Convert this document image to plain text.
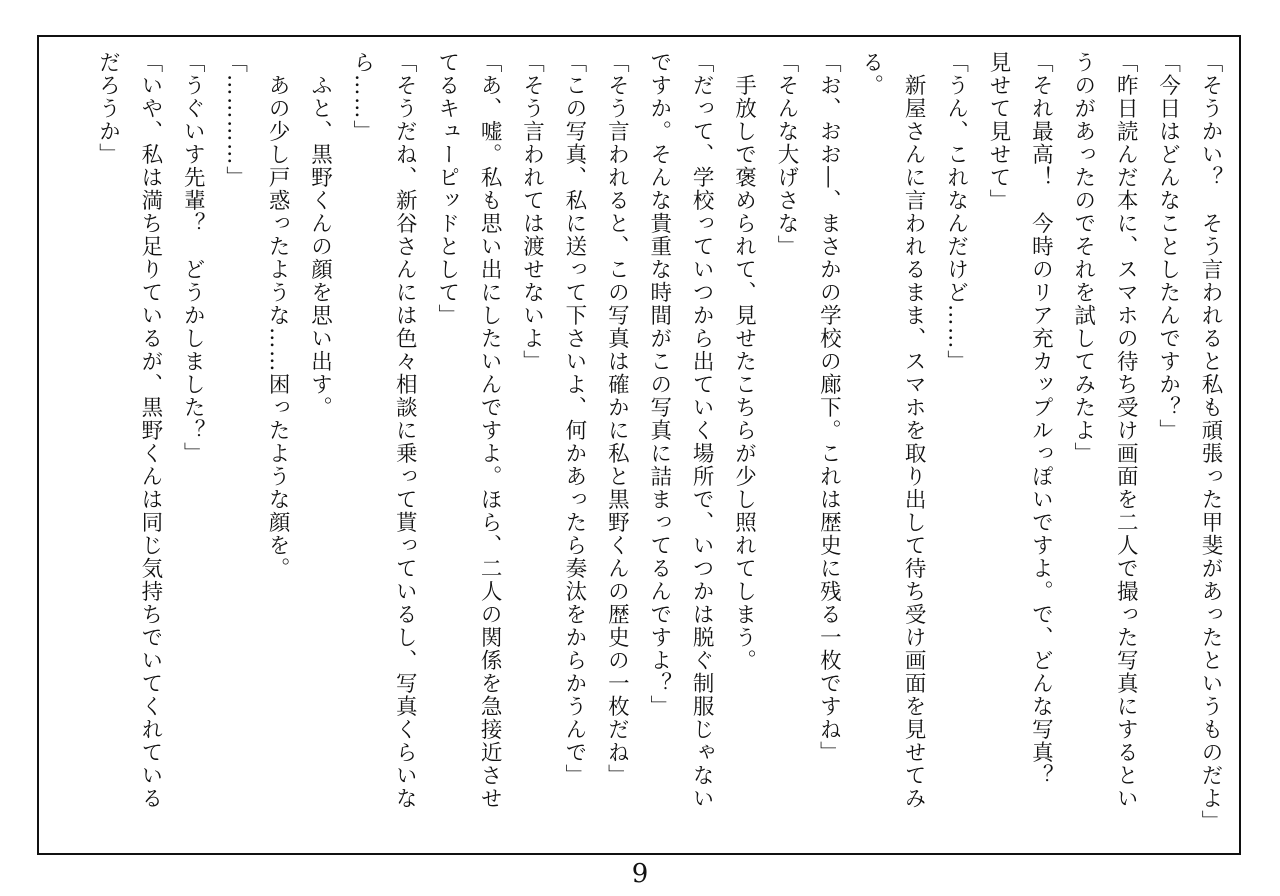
「そうかい？　そう言われると私も頑張った甲斐があったというものだよ」
「今日はどんなことしたんですか？」
「昨日読んだ本に、スマホの待ち受け画面を二人で撮った写真にするとい
うのがあったのでそれを試してみたよ」
「それ最高！　今時のリア充カップルっぽいですよ。で、どんな写真？
見せて見せて」
「うん、これなんだけど……」
　新屋さんに言われるまま、スマホを取り出して待ち受け画面を見せてみ
る。
「お、おお―、まさかの学校の廊下。これは歴史に残る一枚ですね」
「そんな大げさな」
　手放しで褒められて、見せたこちらが少し照れてしまう。
「だって、学校っていつから出ていく場所で、いつかは脱ぐ制服じゃない
ですか。そんな貴重な時間がこの写真に詰まってるんですよ？」
「そう言われると、この写真は確かに私と黒野くんの歴史の一枚だね」
「この写真、私に送って下さいよ、何かあったら奏汰をからかうんで」
「そう言われては渡せないよ」
「あ、嘘。私も思い出にしたいんですよ。ほら、二人の関係を急接近させ
てるキューピッドとして」
「そうだね、新谷さんには色々相談に乗って貰っているし、写真くらいな
ら……」
　ふと、黒野くんの顔を思い出す。
　あの少し戸惑ったような……困ったような顔を。
「…………」
「うぐいす先輩？　どうかしました？」
「いや、私は満ち足りているが、黒野くんは同じ気持ちでいてくれている
だろうか」
9
